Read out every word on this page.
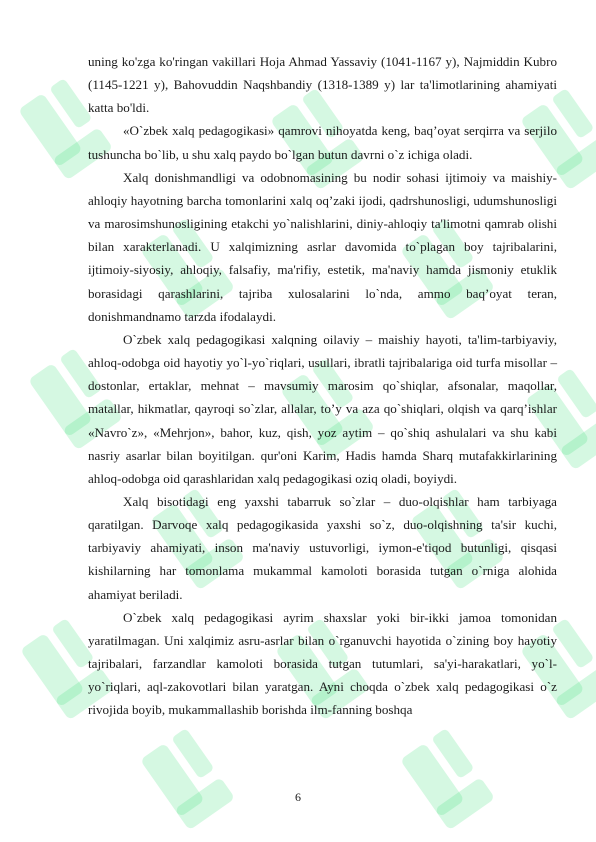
uning ko'zga ko'ringan vakillari Hoja Ahmad Yassaviy (1041-1167 y), Najmiddin Kubro (1145-1221 y), Bahovuddin Naqshbandiy (1318-1389 y) lar ta'limotlarining ahamiyati katta bo'ldi.

«O`zbek xalq pedagogikasi» qamrovi nihoyatda keng, baq’oyat serqirra va serjilo tushuncha bo`lib, u shu xalq paydo bo`lgan butun davrni o`z ichiga oladi.

Xalq donishmandligi va odobnomasining bu nodir sohasi ijtimoiy va maishiy-ahloqiy hayotning barcha tomonlarini xalq oq’zaki ijodi, qadrshunosligi, udumshunosligi va marosimshunosligining etakchi yo`nalishlarini, diniy-ahloqiy ta'limotni qamrab olishi bilan xarakterlanadi. U xalqimizning asrlar davomida to`plagan boy tajribalarini, ijtimoiy-siyosiy, ahloqiy, falsafiy, ma'rifiy, estetik, ma'naviy hamda jismoniy etuklik borasidagi qarashlarini, tajriba xulosalarini lo`nda, ammo baq’oyat teran, donishmandnamo tarzda ifodalaydi.

O`zbek xalq pedagogikasi xalqning oilaviy – maishiy hayoti, ta'lim-tarbiyaviy, ahloq-odobga oid hayotiy yo`l-yo`riqlari, usullari, ibratli tajribalariga oid turfa misollar – dostonlar, ertaklar, mehnat – mavsumiy marosim qo`shiqlar, afsonalar, maqollar, matallar, hikmatlar, qayroqi so`zlar, allalar, to’y va aza qo`shiqlari, olqish va qarq’ishlar «Navro`z», «Mehrjon», bahor, kuz, qish, yoz aytim – qo`shiq ashulalari va shu kabi nasriy asarlar bilan boyitilgan. qur'oni Karim, Hadis hamda Sharq mutafakkirlarining ahloq-odobga oid qarashlaridan xalq pedagogikasi oziq oladi, boyiydi.

Xalq bisotidagi eng yaxshi tabarruk so`zlar – duo-olqishlar ham tarbiyaga qaratilgan. Darvoqe xalq pedagogikasida yaxshi so`z, duo-olqishning ta'sir kuchi, tarbiyaviy ahamiyati, inson ma'naviy ustuvorligi, iymon-e'tiqod butunligi, qisqasi kishilarning har tomonlama mukammal kamoloti borasida tutgan o`rniga alohida ahamiyat beriladi.

O`zbek xalq pedagogikasi ayrim shaxslar yoki bir-ikki jamoa tomonidan yaratilmagan. Uni xalqimiz asru-asrlar bilan o`rganuvchi hayotida o`zining boy hayotiy tajribalari, farzandlar kamoloti borasida tutgan tutumlari, sa'yi-harakatlari, yo`l-yo`riqlari, aql-zakovotlari bilan yaratgan. Ayni choqda o`zbek xalq pedagogikasi o`z rivojida boyib, mukammallashib borishda ilm-fanning boshqa

6
